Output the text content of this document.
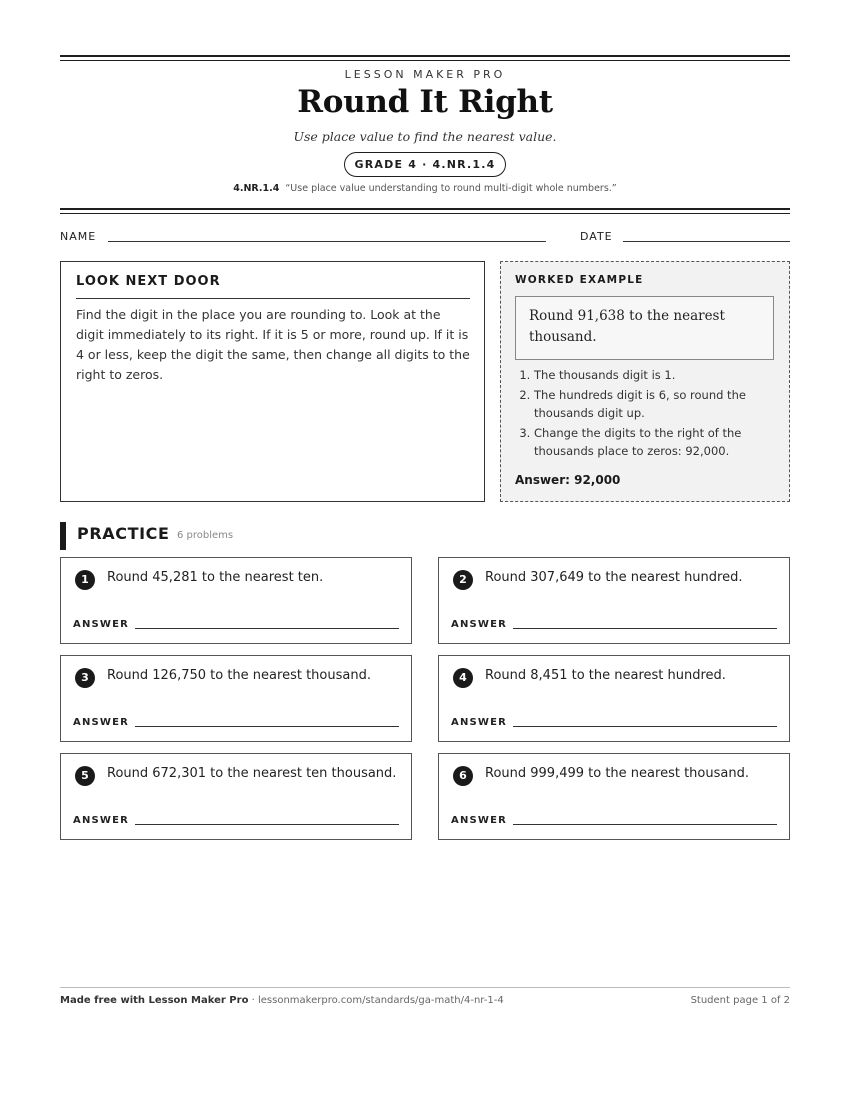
LESSON MAKER PRO
Round It Right
Use place value to find the nearest value.
GRADE 4 · 4.NR.1.4
4.NR.1.4 “Use place value understanding to round multi-digit whole numbers.”
NAME	DATE
LOOK NEXT DOOR

Find the digit in the place you are rounding to. Look at the digit immediately to its right. If it is 5 or more, round up. If it is 4 or less, keep the digit the same, then change all digits to the right to zeros.

WORKED EXAMPLE
Round 91,638 to the nearest thousand.
1. The thousands digit is 1.
2. The hundreds digit is 6, so round the thousands digit up.
3. Change the digits to the right of the thousands place to zeros: 92,000.
Answer: 92,000
PRACTICE 6 problems
1	Round 45,281 to the nearest ten.
ANSWER
2	Round 307,649 to the nearest hundred.
ANSWER
3	Round 126,750 to the nearest thousand.
ANSWER
4	Round 8,451 to the nearest hundred.
ANSWER
5	Round 672,301 to the nearest ten thousand.
ANSWER
6	Round 999,499 to the nearest thousand.
ANSWER
Made free with Lesson Maker Pro · lessonmakerpro.com/standards/ga-math/4-nr-1-4	Student page 1 of 2
